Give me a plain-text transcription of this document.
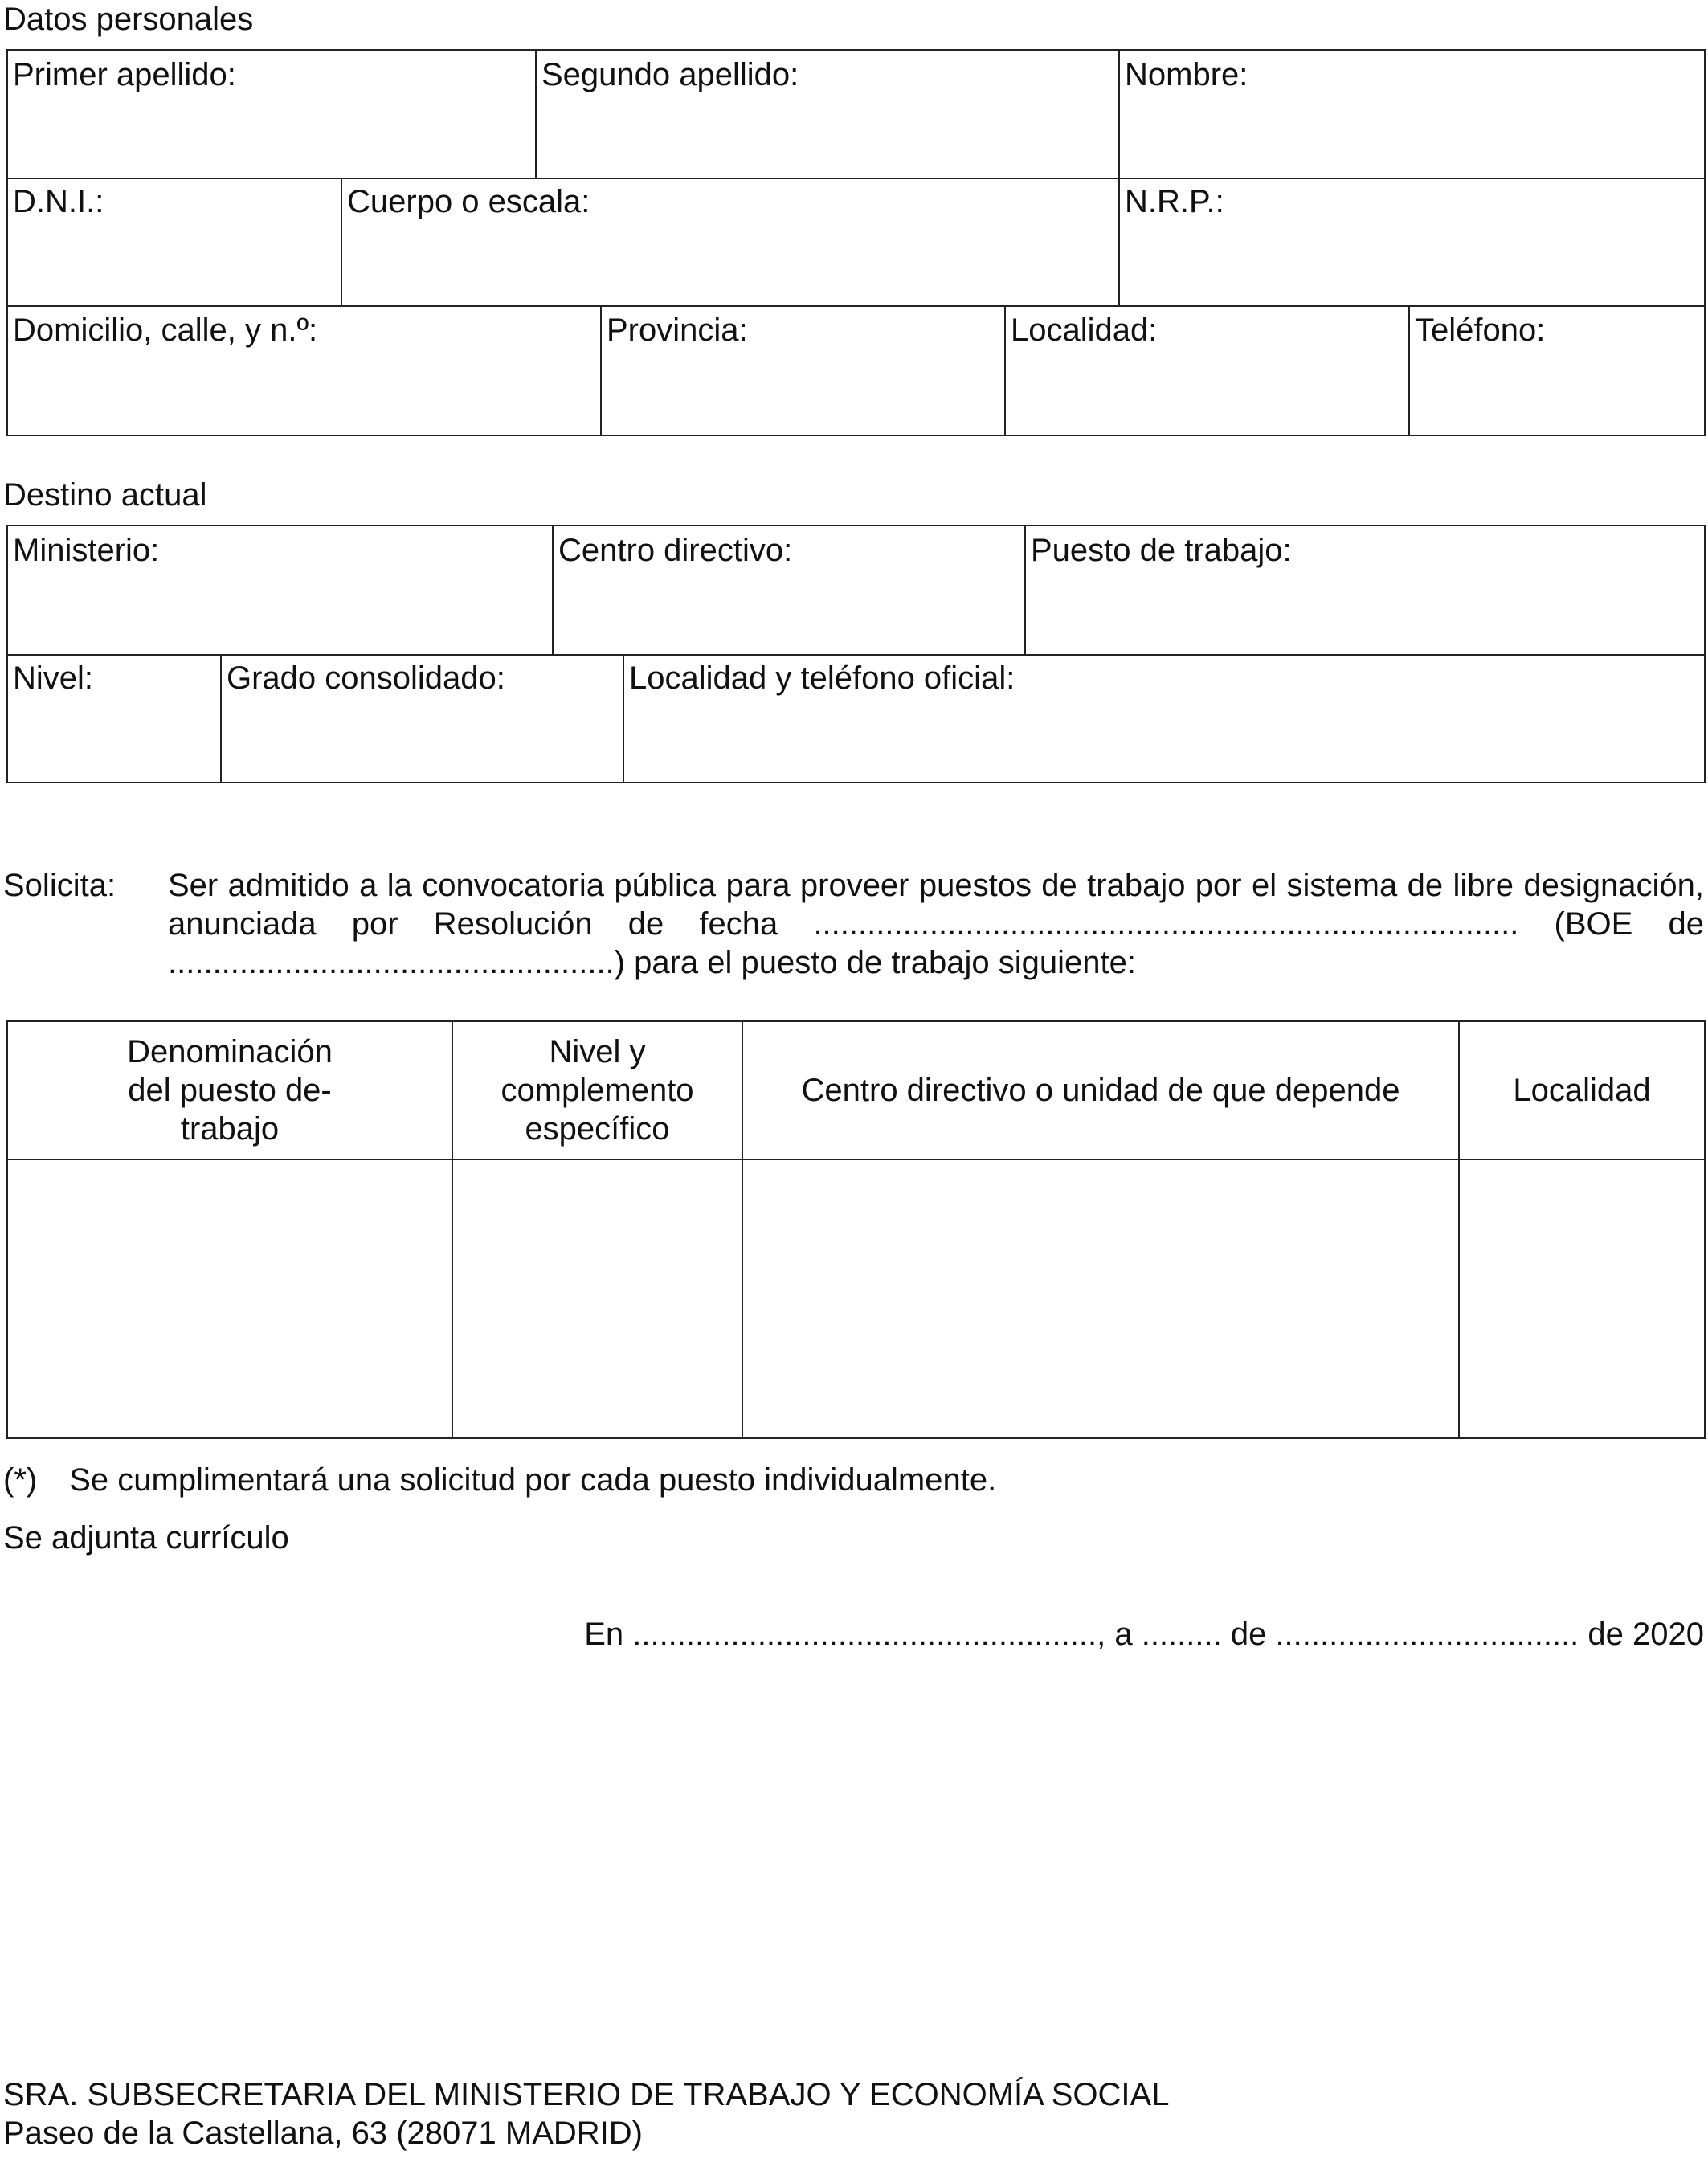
Datos personales
Primer apellido:	Segundo apellido:	Nombre:
D.N.I.:	Cuerpo o escala:	N.R.P.:
Domicilio, calle, y n.º:	Provincia:	Localidad:	Teléfono:
Destino actual
Ministerio:	Centro directivo:	Puesto de trabajo:
Nivel:	Grado consolidado:	Localidad y teléfono oficial:
Solicita: Ser admitido a la convocatoria pública para proveer puestos de trabajo por el sistema de libre designación, anunciada por Resolución de fecha ............................................................................... (BOE de ..................................................) para el puesto de trabajo siguiente:
Denominación del puesto de-trabajo	Nivel y complemento específico	Centro directivo o unidad de que depende	Localidad

(*) Se cumplimentará una solicitud por cada puesto individualmente.
Se adjunta currículo
En ...................................................., a ......... de .................................. de 2020
SRA. SUBSECRETARIA DEL MINISTERIO DE TRABAJO Y ECONOMÍA SOCIAL
Paseo de la Castellana, 63 (28071 MADRID)
